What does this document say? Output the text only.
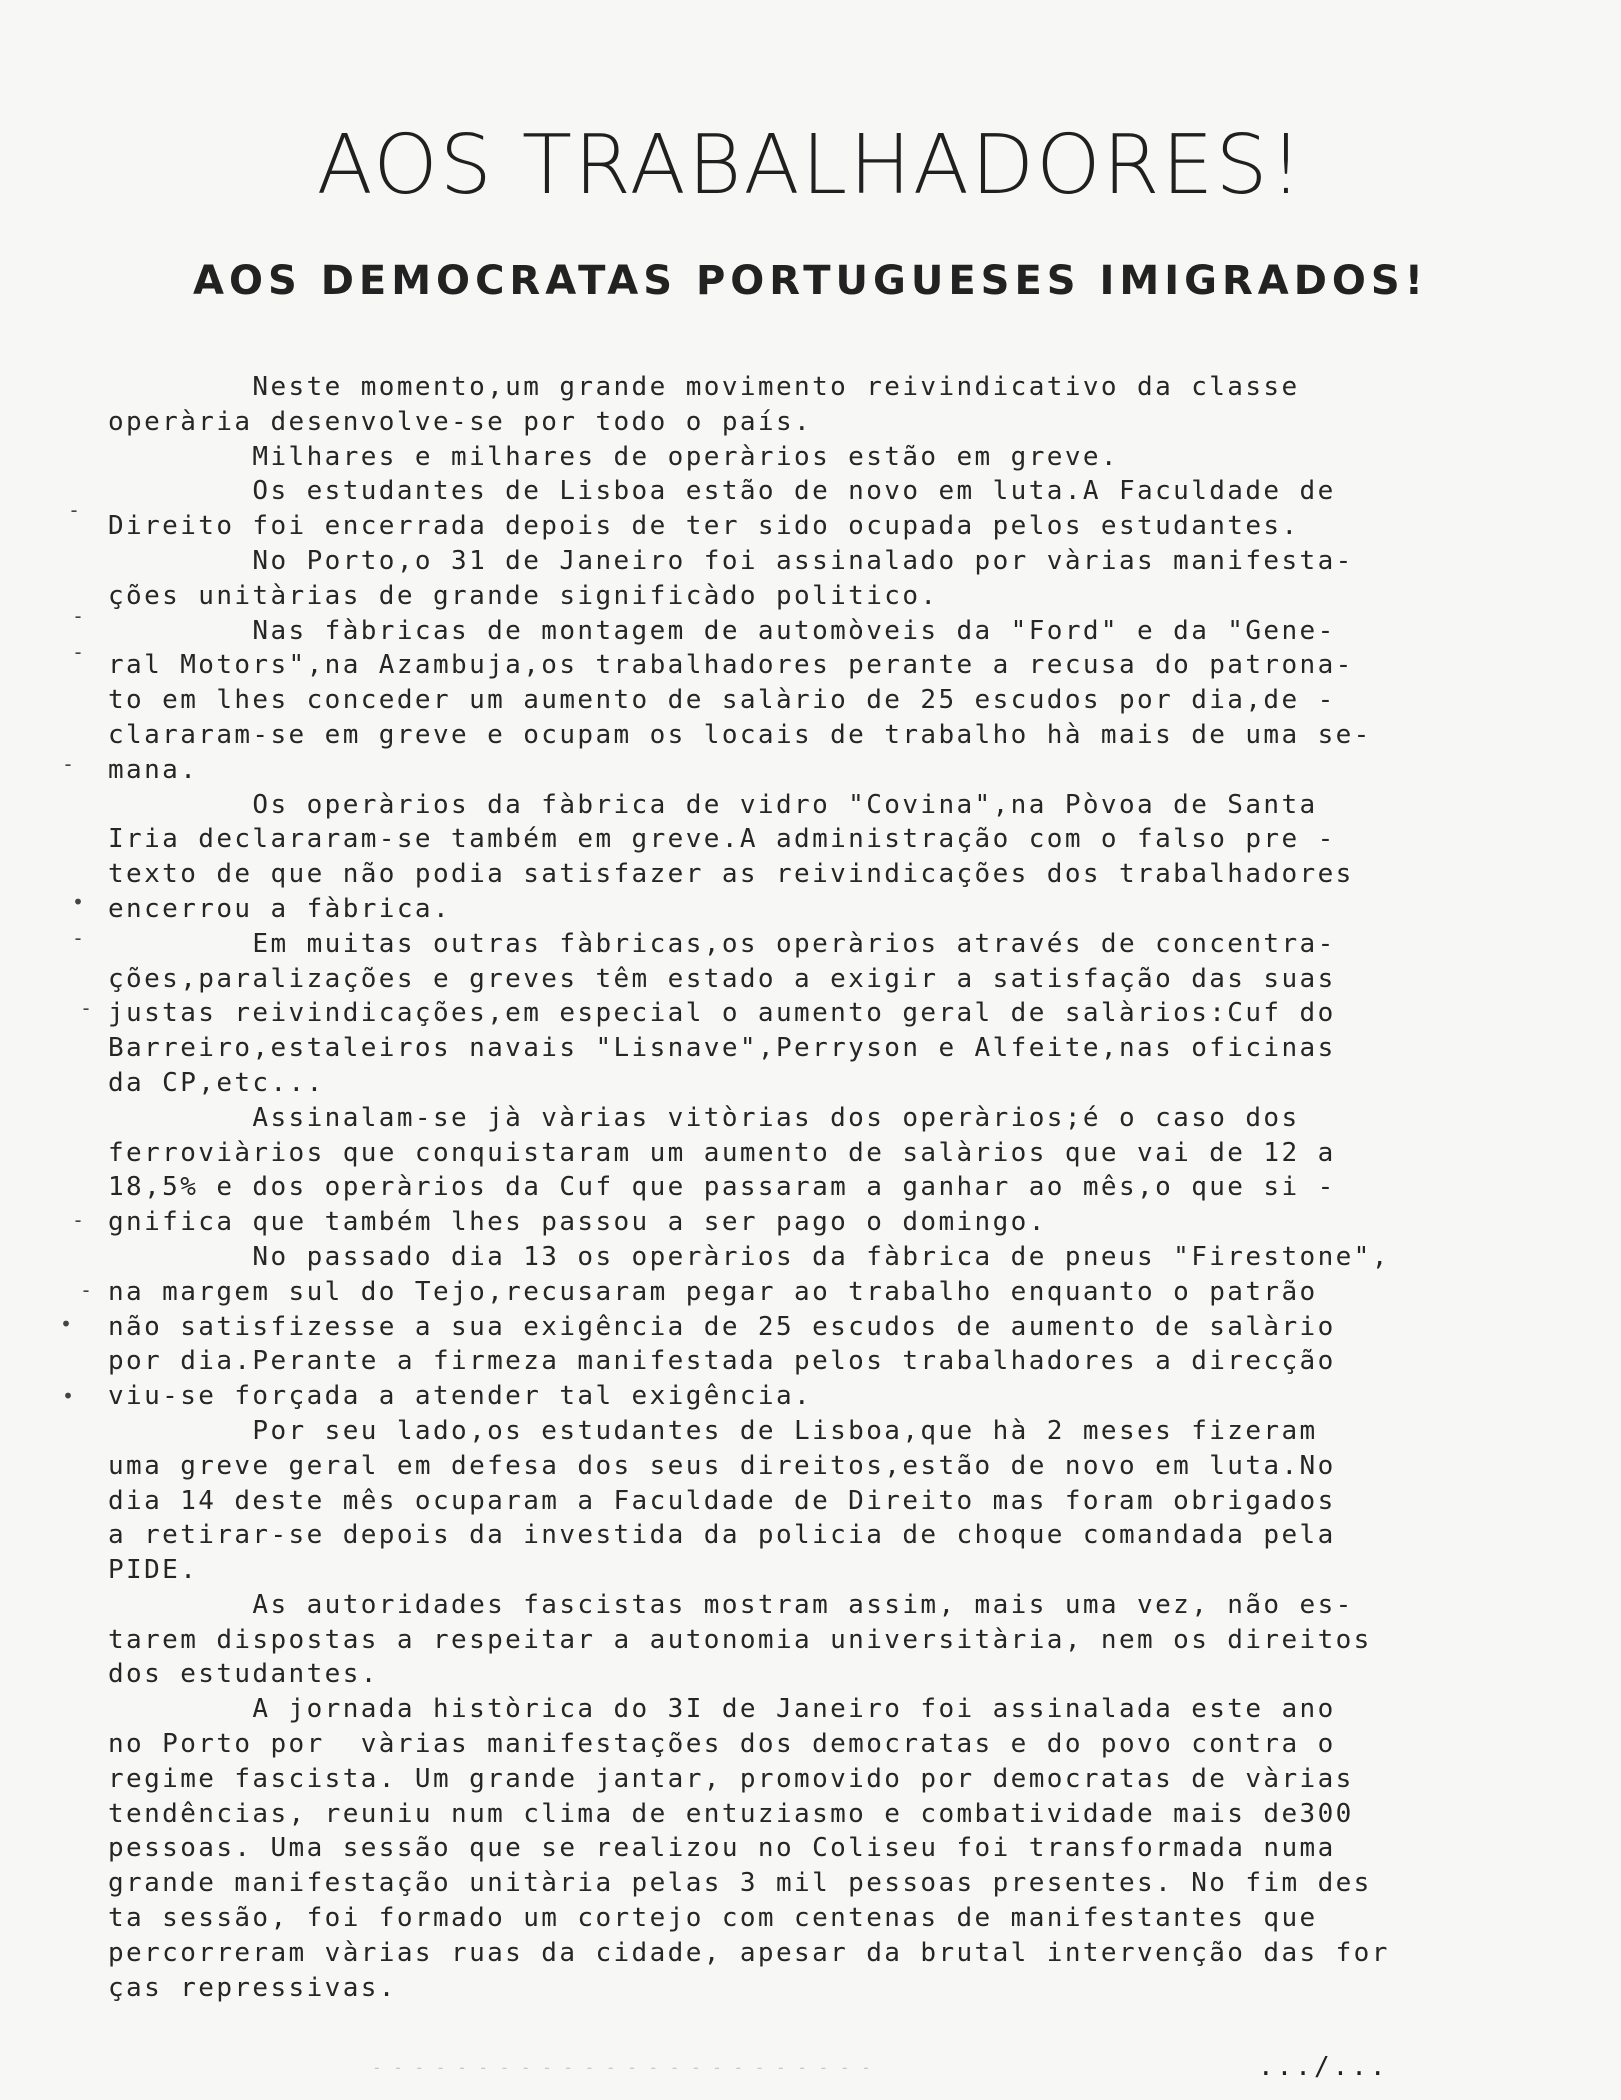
AOS TRABALHADORES!
AOS DEMOCRATAS PORTUGUESES IMIGRADOS!
Neste momento,um grande movimento reivindicativo da classe
operària desenvolve-se por todo o país.
Milhares e milhares de operàrios estão em greve.
Os estudantes de Lisboa estão de novo em luta.A Faculdade de
Direito foi encerrada depois de ter sido ocupada pelos estudantes.
No Porto,o 31 de Janeiro foi assinalado por vàrias manifesta-
ções unitàrias de grande significàdo politico.
Nas fàbricas de montagem de automòveis da "Ford" e da "Gene-
ral Motors",na Azambuja,os trabalhadores perante a recusa do patrona-
to em lhes conceder um aumento de salàrio de 25 escudos por dia,de -
clararam-se em greve e ocupam os locais de trabalho hà mais de uma se-
mana.
Os operàrios da fàbrica de vidro "Covina",na Pòvoa de Santa
Iria declararam-se também em greve.A administração com o falso pre -
texto de que não podia satisfazer as reivindicações dos trabalhadores
encerrou a fàbrica.
Em muitas outras fàbricas,os operàrios através de concentra-
ções,paralizações e greves têm estado a exigir a satisfação das suas
justas reivindicações,em especial o aumento geral de salàrios:Cuf do
Barreiro,estaleiros navais "Lisnave",Perryson e Alfeite,nas oficinas
da CP,etc...
Assinalam-se jà vàrias vitòrias dos operàrios;é o caso dos
ferroviàrios que conquistaram um aumento de salàrios que vai de 12 a
18,5% e dos operàrios da Cuf que passaram a ganhar ao mês,o que si -
gnifica que também lhes passou a ser pago o domingo.
No passado dia 13 os operàrios da fàbrica de pneus "Firestone",
na margem sul do Tejo,recusaram pegar ao trabalho enquanto o patrão
não satisfizesse a sua exigência de 25 escudos de aumento de salàrio
por dia.Perante a firmeza manifestada pelos trabalhadores a direcção
viu-se forçada a atender tal exigência.
Por seu lado,os estudantes de Lisboa,que hà 2 meses fizeram
uma greve geral em defesa dos seus direitos,estão de novo em luta.No
dia 14 deste mês ocuparam a Faculdade de Direito mas foram obrigados
a retirar-se depois da investida da policia de choque comandada pela
PIDE.
As autoridades fascistas mostram assim, mais uma vez, não es-
tarem dispostas a respeitar a autonomia universitària, nem os direitos
dos estudantes.
A jornada històrica do 3I de Janeiro foi assinalada este ano
no Porto por  vàrias manifestações dos democratas e do povo contra o
regime fascista. Um grande jantar, promovido por democratas de vàrias
tendências, reuniu num clima de entuziasmo e combatividade mais de300
pessoas. Uma sessão que se realizou no Coliseu foi transformada numa
grande manifestação unitària pelas 3 mil pessoas presentes. No fim des
ta sessão, foi formado um cortejo com centenas de manifestantes que
percorreram vàrias ruas da cidade, apesar da brutal intervenção das for
ças repressivas.
-
-
-
-
•
-
-
-
-
•
•
- - - - - - - - - - - - - - - - - - - - - - - -	.../...
